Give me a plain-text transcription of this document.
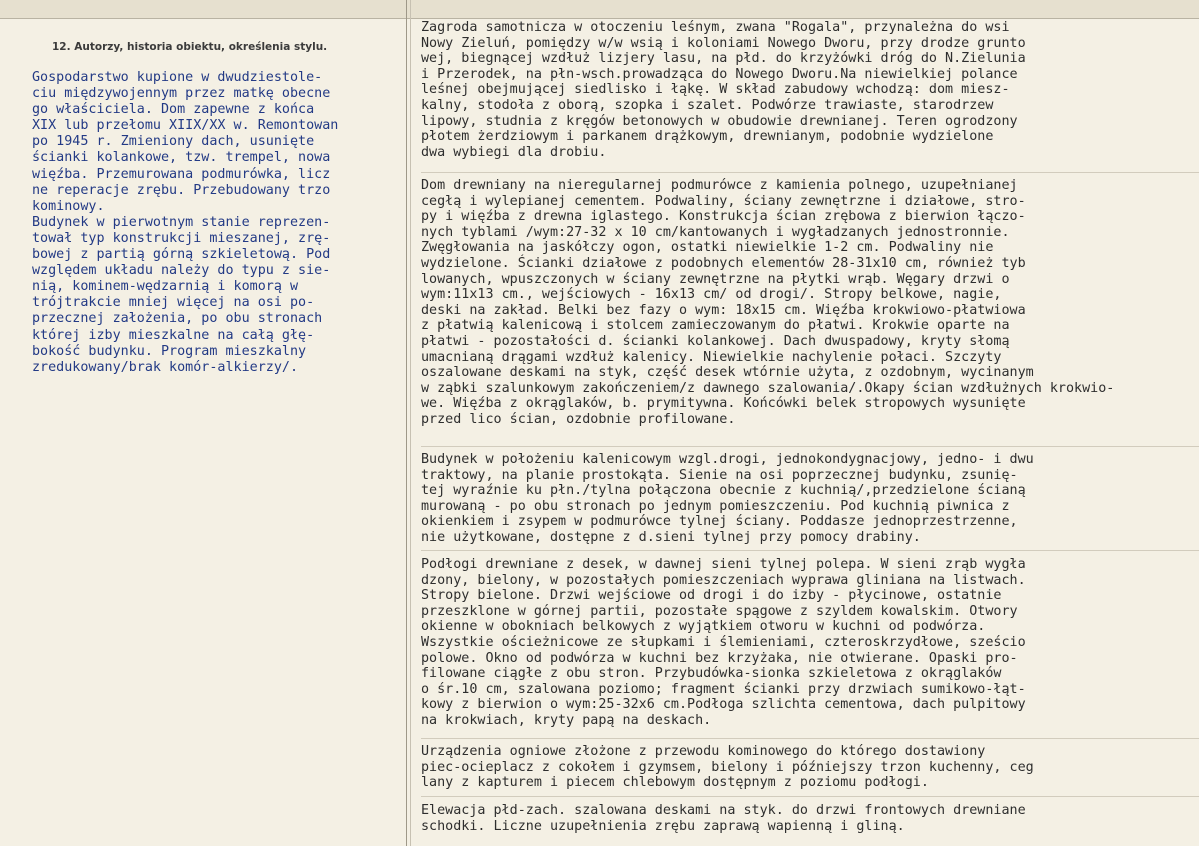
12. Autorzy, historia obiektu, określenia stylu.
Gospodarstwo kupione w dwudziestole-
ciu międzywojennym przez matkę obecne
go właściciela. Dom zapewne z końca
XIX lub przełomu XIIX/XX w. Remontowan
po 1945 r. Zmieniony dach, usunięte
ścianki kolankowe, tzw. trempel, nowa
więźba. Przemurowana podmurówka, licz
ne reperacje zrębu. Przebudowany trzo
kominowy.
Budynek w pierwotnym stanie reprezen-
tował typ konstrukcji mieszanej, zrę-
bowej z partią górną szkieletową. Pod
względem układu należy do typu z sie-
nią, kominem-wędzarnią i komorą w
trójtrakcie mniej więcej na osi po-
przecznej założenia, po obu stronach
której izby mieszkalne na całą głę-
bokość budynku. Program mieszkalny
zredukowany/brak komór-alkierzy/.
Zagroda samotnicza w otoczeniu leśnym, zwana "Rogala", przynależna do wsi
Nowy Zieluń, pomiędzy w/w wsią i koloniami Nowego Dworu, przy drodze grunto
wej, biegnącej wzdłuż lizjery lasu, na płd. do krzyżówki dróg do N.Zielunia
i Przerodek, na płn-wsch.prowadząca do Nowego Dworu.Na niewielkiej polance
leśnej obejmującej siedlisko i łąkę. W skład zabudowy wchodzą: dom miesz-
kalny, stodoła z oborą, szopka i szalet. Podwórze trawiaste, starodrzew
lipowy, studnia z kręgów betonowych w obudowie drewnianej. Teren ogrodzony
płotem żerdziowym i parkanem drążkowym, drewnianym, podobnie wydzielone
dwa wybiegi dla drobiu.
Dom drewniany na nieregularnej podmurówce z kamienia polnego, uzupełnianej
cegłą i wylepianej cementem. Podwaliny, ściany zewnętrzne i działowe, stro-
py i więźba z drewna iglastego. Konstrukcja ścian zrębowa z bierwion łączo-
nych tyblami /wym:27-32 x 10 cm/kantowanych i wygładzanych jednostronnie.
Zwęgłowania na jaskółczy ogon, ostatki niewielkie 1-2 cm. Podwaliny nie
wydzielone. Ścianki działowe z podobnych elementów 28-31x10 cm, również tyb
lowanych, wpuszczonych w ściany zewnętrzne na płytki wrąb. Węgary drzwi o
wym:11x13 cm., wejściowych - 16x13 cm/ od drogi/. Stropy belkowe, nagie,
deski na zakład. Belki bez fazy o wym: 18x15 cm. Więźba krokwiowo-płatwiowa
z płatwią kalenicową i stolcem zamieczowanym do płatwi. Krokwie oparte na
płatwi - pozostałości d. ścianki kolankowej. Dach dwuspadowy, kryty słomą
umacnianą drągami wzdłuż kalenicy. Niewielkie nachylenie połaci. Szczyty
oszalowane deskami na styk, część desek wtórnie użyta, z ozdobnym, wycinanym
w ząbki szalunkowym zakończeniem/z dawnego szalowania/.Okapy ścian wzdłużnych krokwio-
we. Więźba z okrąglaków, b. prymitywna. Końcówki belek stropowych wysunięte
przed lico ścian, ozdobnie profilowane.
Budynek w położeniu kalenicowym wzgl.drogi, jednokondygnacjowy, jedno- i dwu
traktowy, na planie prostokąta. Sienie na osi poprzecznej budynku, zsunię-
tej wyraźnie ku płn./tylna połączona obecnie z kuchnią/,przedzielone ścianą
murowaną - po obu stronach po jednym pomieszczeniu. Pod kuchnią piwnica z
okienkiem i zsypem w podmurówce tylnej ściany. Poddasze jednoprzestrzenne,
nie użytkowane, dostępne z d.sieni tylnej przy pomocy drabiny.
Podłogi drewniane z desek, w dawnej sieni tylnej polepa. W sieni zrąb wygła
dzony, bielony, w pozostałych pomieszczeniach wyprawa gliniana na listwach.
Stropy bielone. Drzwi wejściowe od drogi i do izby - płycinowe, ostatnie
przeszklone w górnej partii, pozostałe spągowe z szyldem kowalskim. Otwory
okienne w obokniach belkowych z wyjątkiem otworu w kuchni od podwórza.
Wszystkie ościeżnicowe ze słupkami i ślemieniami, czteroskrzydłowe, sześcio
polowe. Okno od podwórza w kuchni bez krzyżaka, nie otwierane. Opaski pro-
filowane ciągłe z obu stron. Przybudówka-sionka szkieletowa z okrąglaków
o śr.10 cm, szalowana poziomo; fragment ścianki przy drzwiach sumikowo-łąt-
kowy z bierwion o wym:25-32x6 cm.Podłoga szlichta cementowa, dach pulpitowy
na krokwiach, kryty papą na deskach.
Urządzenia ogniowe złożone z przewodu kominowego do którego dostawiony
piec-ocieplacz z cokołem i gzymsem, bielony i późniejszy trzon kuchenny, ceg
lany z kapturem i piecem chlebowym dostępnym z poziomu podłogi.
Elewacja płd-zach. szalowana deskami na styk. do drzwi frontowych drewniane
schodki. Liczne uzupełnienia zrębu zaprawą wapienną i gliną.
